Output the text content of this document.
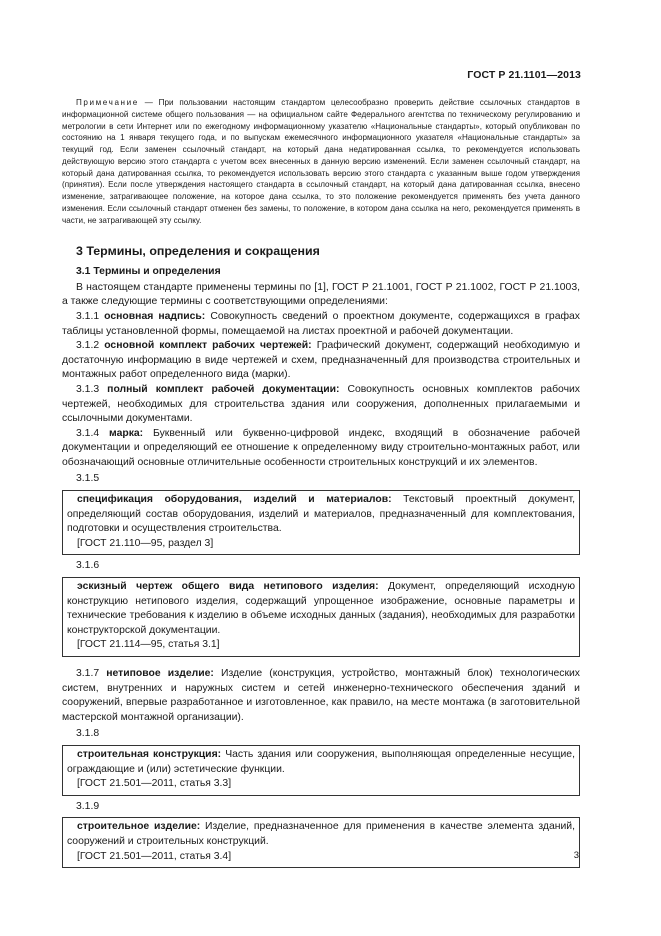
ГОСТ Р 21.1101—2013

Примечание — При пользовании настоящим стандартом целесообразно проверить действие ссылочных стандартов в информационной системе общего пользования — на официальном сайте Федерального агентства по техническому регулированию и метрологии в сети Интернет или по ежегодному информационному указателю «Национальные стандарты», который опубликован по состоянию на 1 января текущего года, и по выпускам ежемесячного информационного указателя «Национальные стандарты» за текущий год. Если заменен ссылочный стандарт, на который дана недатированная ссылка, то рекомендуется использовать действующую версию этого стандарта с учетом всех внесенных в данную версию изменений. Если заменен ссылочный стандарт, на который дана датированная ссылка, то рекомендуется использовать версию этого стандарта с указанным выше годом утверждения (принятия). Если после утверждения настоящего стандарта в ссылочный стандарт, на который дана датированная ссылка, внесено изменение, затрагивающее положение, на которое дана ссылка, то это положение рекомендуется применять без учета данного изменения. Если ссылочный стандарт отменен без замены, то положение, в котором дана ссылка на него, рекомендуется применять в части, не затрагивающей эту ссылку.

3 Термины, определения и сокращения
3.1 Термины и определения

В настоящем стандарте применены термины по [1], ГОСТ Р 21.1001, ГОСТ Р 21.1002, ГОСТ Р 21.1003, а также следующие термины с соответствующими определениями:

3.1.1 основная надпись: Совокупность сведений о проектном документе, содержащихся в графах таблицы установленной формы, помещаемой на листах проектной и рабочей документации.

3.1.2 основной комплект рабочих чертежей: Графический документ, содержащий необходимую и достаточную информацию в виде чертежей и схем, предназначенный для производства строительных и монтажных работ определенного вида (марки).

3.1.3 полный комплект рабочей документации: Совокупность основных комплектов рабочих чертежей, необходимых для строительства здания или сооружения, дополненных прилагаемыми и ссылочными документами.

3.1.4 марка: Буквенный или буквенно-цифровой индекс, входящий в обозначение рабочей документации и определяющий ее отношение к определенному виду строительно-монтажных работ, или обозначающий основные отличительные особенности строительных конструкций и их элементов.

3.1.5

спецификация оборудования, изделий и материалов: Текстовый проектный документ, определяющий состав оборудования, изделий и материалов, предназначенный для комплектования, подготовки и осуществления строительства.

[ГОСТ 21.110—95, раздел 3]
3.1.6

эскизный чертеж общего вида нетипового изделия: Документ, определяющий исходную конструкцию нетипового изделия, содержащий упрощенное изображение, основные параметры и технические требования к изделию в объеме исходных данных (задания), необходимых для разработки конструкторской документации.

[ГОСТ 21.114—95, статья 3.1]

3.1.7 нетиповое изделие: Изделие (конструкция, устройство, монтажный блок) технологических систем, внутренних и наружных систем и сетей инженерно-технического обеспечения зданий и сооружений, впервые разработанное и изготовленное, как правило, на месте монтажа (в заготовительной мастерской монтажной организации).

3.1.8

строительная конструкция: Часть здания или сооружения, выполняющая определенные несущие, ограждающие и (или) эстетические функции.

[ГОСТ 21.501—2011, статья 3.3]
3.1.9

строительное изделие: Изделие, предназначенное для применения в качестве элемента зданий, сооружений и строительных конструкций.

[ГОСТ 21.501—2011, статья 3.4]	3
